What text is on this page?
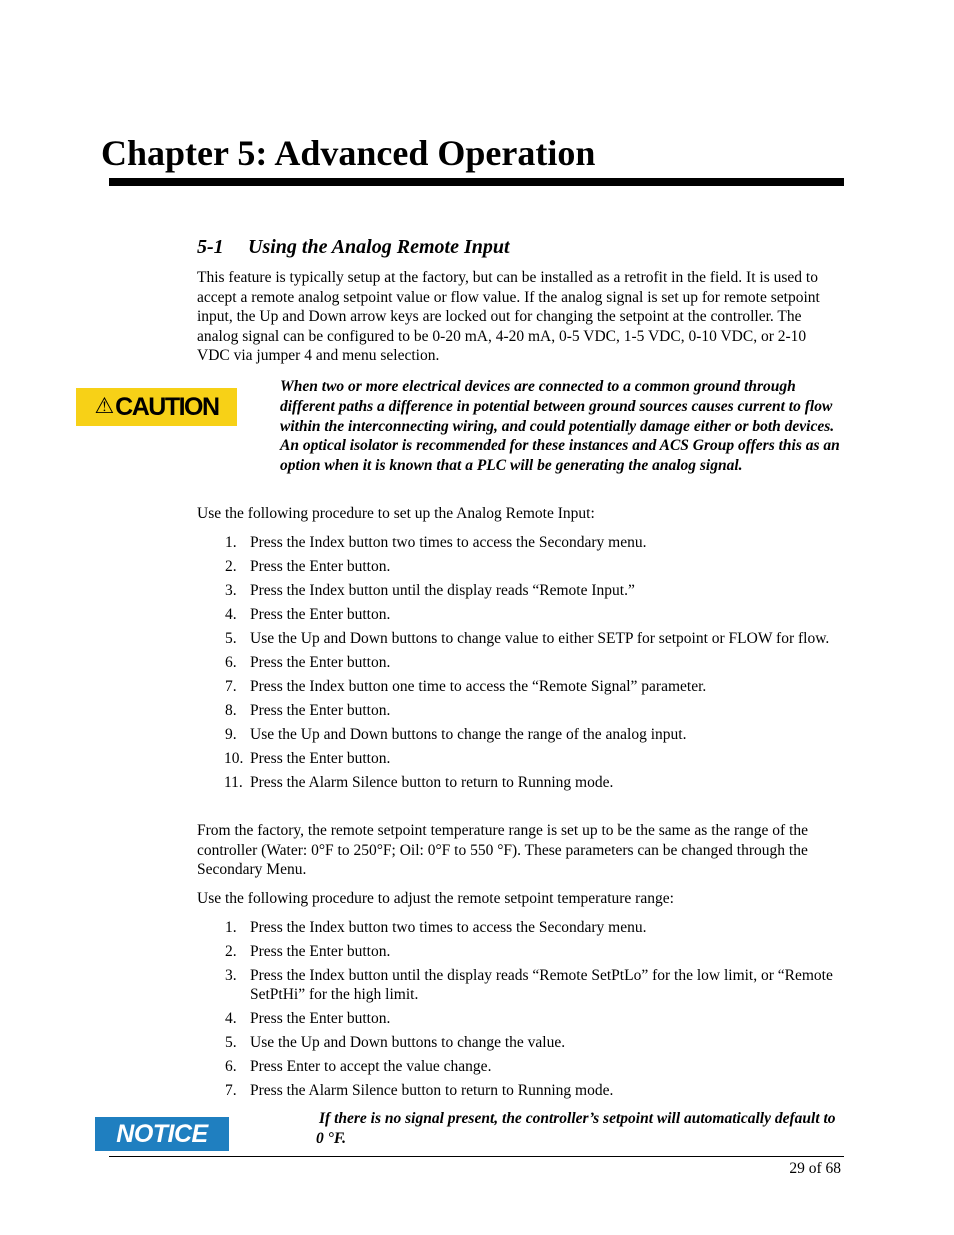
Chapter 5: Advanced Operation
5-1 Using the Analog Remote Input
This feature is typically setup at the factory, but can be installed as a retrofit in the field. It is used to accept a remote analog setpoint value or flow value. If the analog signal is set up for remote setpoint input, the Up and Down arrow keys are locked out for changing the setpoint at the controller. The analog signal can be configured to be 0-20 mA, 4-20 mA, 0-5 VDC, 1-5 VDC, 0-10 VDC, or 2-10 VDC via jumper 4 and menu selection.
⚠ CAUTION
When two or more electrical devices are connected to a common ground through different paths a difference in potential between ground sources causes current to flow within the interconnecting wiring, and could potentially damage either or both devices. An optical isolator is recommended for these instances and ACS Group offers this as an option when it is known that a PLC will be generating the analog signal.
Use the following procedure to set up the Analog Remote Input:
1. Press the Index button two times to access the Secondary menu.
2. Press the Enter button.
3. Press the Index button until the display reads “Remote Input.”
4. Press the Enter button.
5. Use the Up and Down buttons to change value to either SETP for setpoint or FLOW for flow.
6. Press the Enter button.
7. Press the Index button one time to access the “Remote Signal” parameter.
8. Press the Enter button.
9. Use the Up and Down buttons to change the range of the analog input.
10. Press the Enter button.
11. Press the Alarm Silence button to return to Running mode.
From the factory, the remote setpoint temperature range is set up to be the same as the range of the controller (Water: 0°F to 250°F; Oil: 0°F to 550 °F). These parameters can be changed through the Secondary Menu.
Use the following procedure to adjust the remote setpoint temperature range:
1. Press the Index button two times to access the Secondary menu.
2. Press the Enter button.
3. Press the Index button until the display reads “Remote SetPtLo” for the low limit, or “Remote SetPtHi” for the high limit.
4. Press the Enter button.
5. Use the Up and Down buttons to change the value.
6. Press Enter to accept the value change.
7. Press the Alarm Silence button to return to Running mode.
NOTICE
If there is no signal present, the controller’s setpoint will automatically default to 0 °F.
29 of 68
